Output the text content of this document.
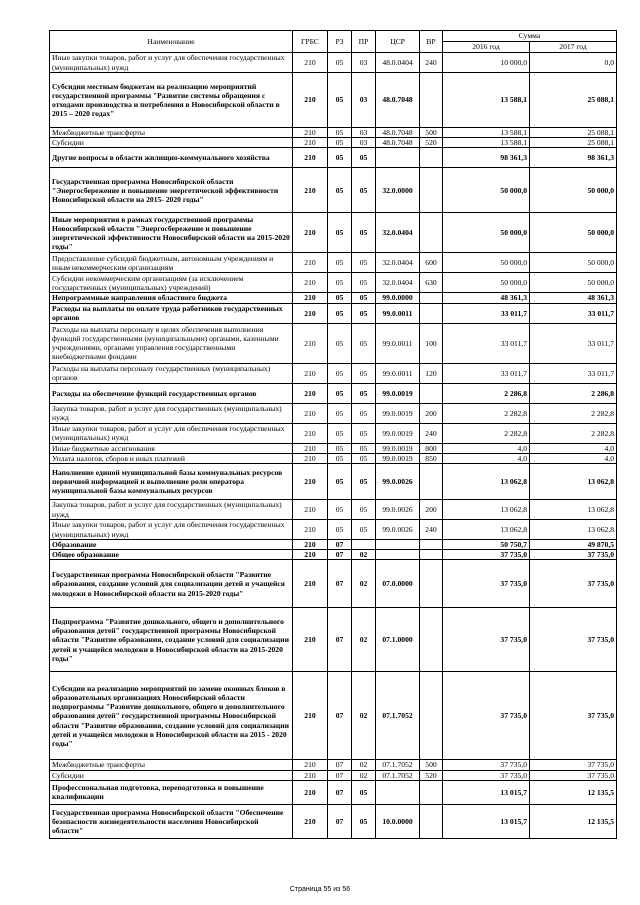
Наименование	ГРБС	РЗ	ПР	ЦСР	ВР	Сумма	
						2016 год	2017 год
Иные закупки товаров, работ и услуг для обеспечения государственных (муниципальных) нужд	210	05	03	48.0.0404	240	10 000,0	0,0
Субсидии местным бюджетам на реализацию мероприятий государственной программы "Развитие системы обращения с отходами производства и потребления в Новосибирской области в 2015 – 2020 годах"	210	05	03	48.0.7048		13 588,1	25 088,1
Межбюджетные трансферты	210	05	03	48.0.7048	500	13 588,1	25 088,1
Субсидии	210	05	03	48.0.7048	520	13 588,1	25 088,1
Другие вопросы в области жилищно-коммунального хозяйства	210	05	05			98 361,3	98 361,3
Государственная программа Новосибирской области "Энергосбережение и повышение энергетической эффективности Новосибирской области на 2015- 2020 годы"	210	05	05	32.0.0000		50 000,0	50 000,0
Иные мероприятия в рамках государственной программы Новосибирской области "Энергосбережение и повышение энергетической эффективности Новосибирской области на 2015-2020 годы"	210	05	05	32.0.0404		50 000,0	50 000,0
Предоставление субсидий бюджетным, автономным учреждениям и иным некоммерческим организациям	210	05	05	32.0.0404	600	50 000,0	50 000,0
Субсидии некоммерческим организациям (за исключением государственных (муниципальных) учреждений)	210	05	05	32.0.0404	630	50 000,0	50 000,0
Непрограммные направления областного бюджета	210	05	05	99.0.0000		48 361,3	48 361,3
Расходы на выплаты по оплате труда работников государственных органов	210	05	05	99.0.0011		33 011,7	33 011,7
Расходы на выплаты персоналу в целях обеспечения выполнения функций государственными (муниципальными) органами, казенными учреждениями, органами управления государственными внебюджетными фондами	210	05	05	99.0.0011	100	33 011,7	33 011,7
Расходы на выплаты персоналу государственных (муниципальных) органов	210	05	05	99.0.0011	120	33 011,7	33 011,7
Расходы на обеспечение функций государственных органов	210	05	05	99.0.0019		2 286,8	2 286,8
Закупка товаров, работ и услуг для государственных (муниципальных) нужд	210	05	05	99.0.0019	200	2 282,8	2 282,8
Иные закупки товаров, работ и услуг для обеспечения государственных (муниципальных) нужд	210	05	05	99.0.0019	240	2 282,8	2 282,8
Иные бюджетные ассигнования	210	05	05	99.0.0019	800	4,0	4,0
Уплата налогов, сборов и иных платежей	210	05	05	99.0.0019	850	4,0	4,0
Наполнение единой муниципальной базы коммунальных ресурсов первичной информацией и выполнение роли оператора муниципальной базы коммунальных ресурсов	210	05	05	99.0.0026		13 062,8	13 062,8
Закупка товаров, работ и услуг для государственных (муниципальных) нужд	210	05	05	99.0.0026	200	13 062,8	13 062,8
Иные закупки товаров, работ и услуг для обеспечения государственных (муниципальных) нужд	210	05	05	99.0.0026	240	13 062,8	13 062,8
Образование	210	07				50 750,7	49 870,5
Общее образование	210	07	02			37 735,0	37 735,0
Государственная программа Новосибирской области "Развитие образования, создание условий для социализации детей и учащейся молодежи в Новосибирской области на 2015-2020 годы"	210	07	02	07.0.0000		37 735,0	37 735,0
Подпрограмма "Развитие дошкольного, общего и дополнительного образования детей" государственной программы Новосибирской области "Развитие образования, создание условий для социализации детей и учащейся молодежи в Новосибирской области на 2015-2020 годы"	210	07	02	07.1.0000		37 735,0	37 735,0
Субсидии на реализацию мероприятий по замене оконных блоков в образовательных организациях Новосибирской области подпрограммы "Развитие дошкольного, общего и дополнительного образования детей" государственной программы Новосибирской области "Развитие образования, создание условий для социализации детей и учащейся молодежи в Новосибирской области на 2015 - 2020 годы"	210	07	02	07.1.7052		37 735,0	37 735,0
Межбюджетные трансферты	210	07	02	07.1.7052	500	37 735,0	37 735,0
Субсидии	210	07	02	07.1.7052	520	37 735,0	37 735,0
Профессиональная подготовка, переподготовка и повышение квалификации	210	07	05			13 015,7	12 135,5
Государственная программа Новосибирской области "Обеспечение безопасности жизнедеятельности населения Новосибирской области"	210	07	05	10.0.0000		13 015,7	12 135,5
Страница 55 из 56
